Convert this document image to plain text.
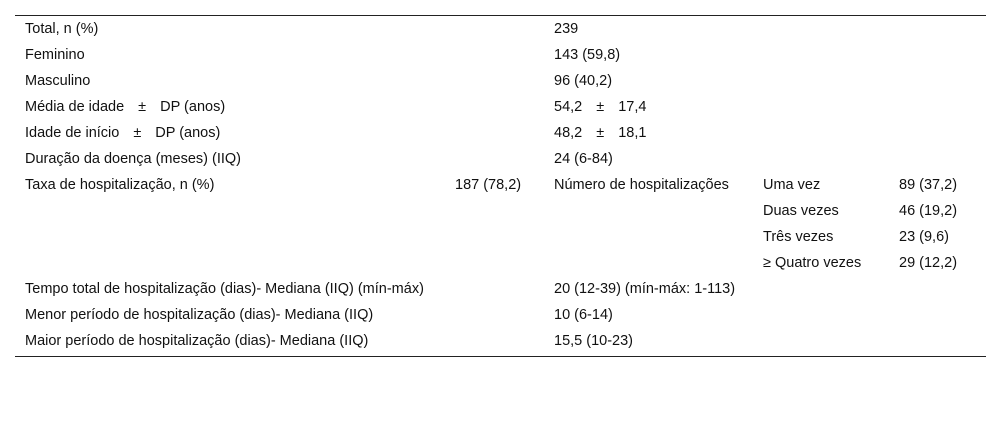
Total, n (%)		239		
Feminino		143 (59,8)		
Masculino		96 (40,2)		
Média de idade ± DP (anos)		54,2 ± 17,4		
Idade de início ± DP (anos)		48,2 ± 18,1		
Duração da doença (meses) (IIQ)		24 (6-84)		
Taxa de hospitalização, n (%)	187 (78,2)	Número de hospitalizações	Uma vez	89 (37,2)
			Duas vezes	46 (19,2)
			Três vezes	23 (9,6)
			≥ Quatro vezes	29 (12,2)
Tempo total de hospitalização (dias)- Mediana (IIQ) (mín-máx)		20 (12-39) (mín-máx: 1-113)		
Menor período de hospitalização (dias)- Mediana (IIQ)		10 (6-14)		
Maior período de hospitalização (dias)- Mediana (IIQ)		15,5 (10-23)		
